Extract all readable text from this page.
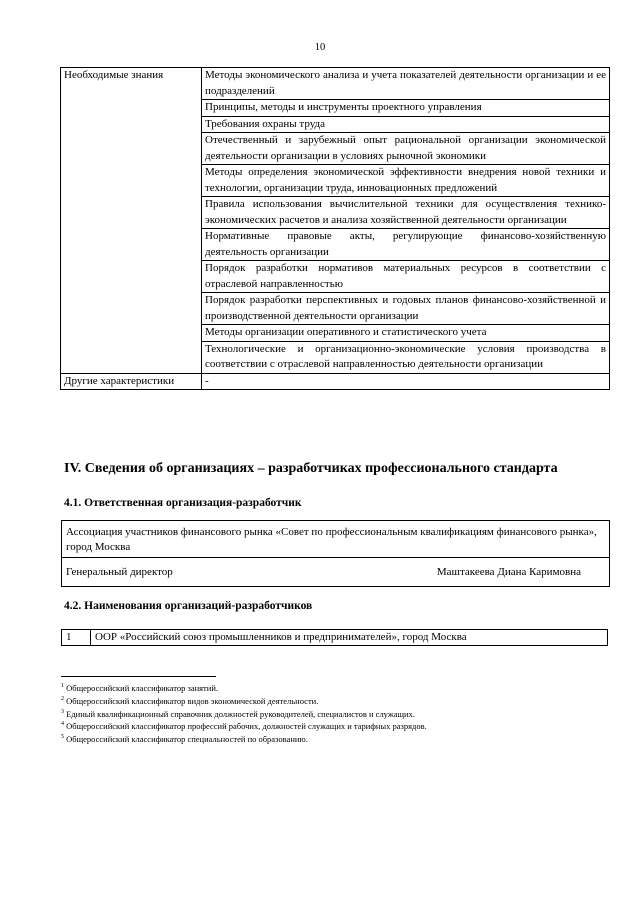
10
Необходимые знания	Методы экономического анализа и учета показателей деятельности организации и ее подразделений
	Принципы, методы и инструменты проектного управления
	Требования охраны труда
	Отечественный и зарубежный опыт рациональной организации экономической деятельности организации в условиях рыночной экономики
	Методы определения экономической эффективности внедрения новой техники и технологии, организации труда, инновационных предложений
	Правила использования вычислительной техники для осуществления технико-экономических расчетов и анализа хозяйственной деятельности организации
	Нормативные правовые акты, регулирующие финансово-хозяйственную деятельность организации
	Порядок разработки нормативов материальных ресурсов в соответствии с отраслевой направленностью
	Порядок разработки перспективных и годовых планов финансово-хозяйственной и производственной деятельности организации
	Методы организации оперативного и статистического учета
	Технологические и организационно-экономические условия производства в соответствии с отраслевой направленностью деятельности организации
Другие характеристики	-
IV. Сведения об организациях – разработчиках профессионального стандарта
4.1. Ответственная организация-разработчик
Ассоциация участников финансового рынка «Совет по профессиональным квалификациям финансового рынка», город Москва
Генеральный директор	Маштакеева Диана Каримовна
4.2. Наименования организаций-разработчиков
1	ООР «Российский союз промышленников и предпринимателей», город Москва
$^1$ Общероссийский классификатор занятий.
$^2$ Общероссийский классификатор видов экономической деятельности.
$^3$ Единый квалификационный справочник должностей руководителей, специалистов и служащих.
$^4$ Общероссийский классификатор профессий рабочих, должностей служащих и тарифных разрядов.
$^5$ Общероссийский классификатор специальностей по образованию.
